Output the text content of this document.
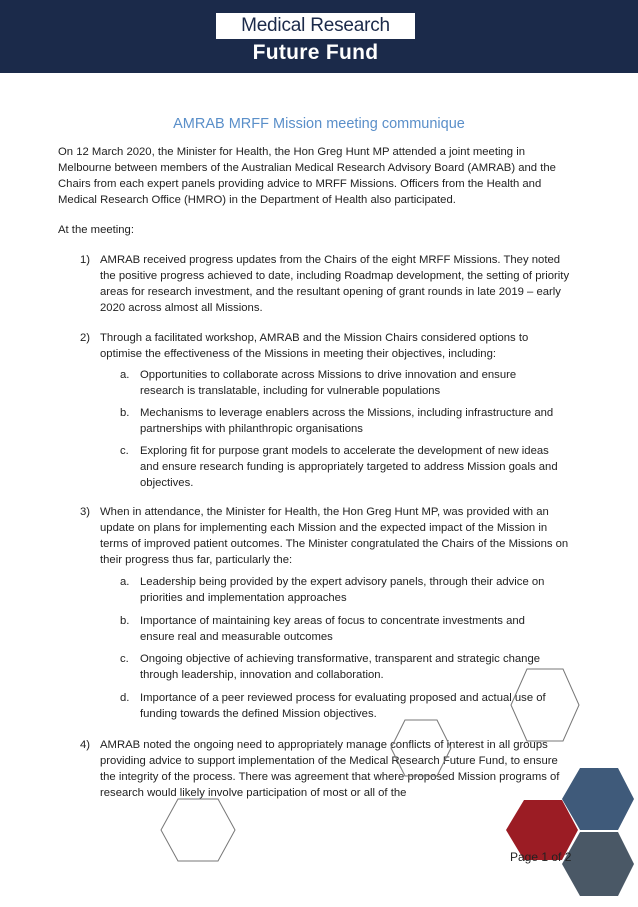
Medical Research
Future Fund
AMRAB MRFF Mission meeting communique
On 12 March 2020, the Minister for Health, the Hon Greg Hunt MP attended a joint meeting in Melbourne between members of the Australian Medical Research Advisory Board (AMRAB) and the Chairs from each expert panels providing advice to MRFF Missions. Officers from the Health and Medical Research Office (HMRO) in the Department of Health also participated.
At the meeting:
1) AMRAB received progress updates from the Chairs of the eight MRFF Missions. They noted the positive progress achieved to date, including Roadmap development, the setting of priority areas for research investment, and the resultant opening of grant rounds in late 2019 – early 2020 across almost all Missions.
2) Through a facilitated workshop, AMRAB and the Mission Chairs considered options to optimise the effectiveness of the Missions in meeting their objectives, including:
a. Opportunities to collaborate across Missions to drive innovation and ensure research is translatable, including for vulnerable populations
b. Mechanisms to leverage enablers across the Missions, including infrastructure and partnerships with philanthropic organisations
c. Exploring fit for purpose grant models to accelerate the development of new ideas and ensure research funding is appropriately targeted to address Mission goals and objectives.
3) When in attendance, the Minister for Health, the Hon Greg Hunt MP, was provided with an update on plans for implementing each Mission and the expected impact of the Mission in terms of improved patient outcomes. The Minister congratulated the Chairs of the Missions on their progress thus far, particularly the:
a. Leadership being provided by the expert advisory panels, through their advice on priorities and implementation approaches
b. Importance of maintaining key areas of focus to concentrate investments and ensure real and measurable outcomes
c. Ongoing objective of achieving transformative, transparent and strategic change through leadership, innovation and collaboration.
d. Importance of a peer reviewed process for evaluating proposed and actual use of funding towards the defined Mission objectives.
4) AMRAB noted the ongoing need to appropriately manage conflicts of interest in all groups providing advice to support implementation of the Medical Research Future Fund, to ensure the integrity of the process. There was agreement that where proposed Mission programs of research would likely involve participation of most or all of the
Page 1 of 2
